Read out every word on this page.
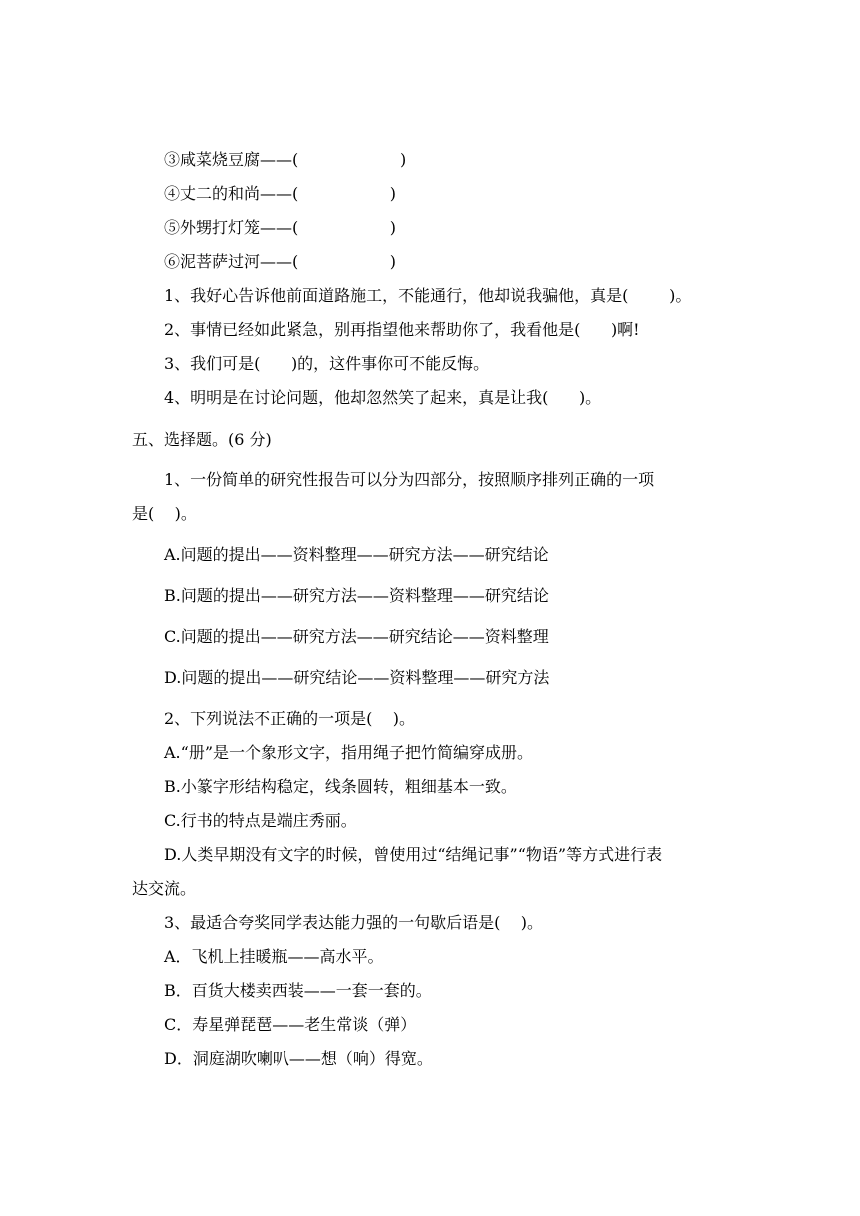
③咸菜烧豆腐——(                    )
④丈二的和尚——(                  )
⑤外甥打灯笼——(                  )
⑥泥菩萨过河——(                  )
1、我好心告诉他前面道路施工，不能通行，他却说我骗他，真是(        )。
2、事情已经如此紧急，别再指望他来帮助你了，我看他是(      )啊!
3、我们可是(      )的，这件事你可不能反悔。
4、明明是在讨论问题，他却忽然笑了起来，真是让我(      )。
五、选择题。(6 分)
1、一份简单的研究性报告可以分为四部分，按照顺序排列正确的一项
是(    )。
A.问题的提出——资料整理——研究方法——研究结论
B.问题的提出——研究方法——资料整理——研究结论
C.问题的提出——研究方法——研究结论——资料整理
D.问题的提出——研究结论——资料整理——研究方法
2、下列说法不正确的一项是(    )。
A.“册”是一个象形文字，指用绳子把竹简编穿成册。
B.小篆字形结构稳定，线条圆转，粗细基本一致。
C.行书的特点是端庄秀丽。
D.人类早期没有文字的时候，曾使用过“结绳记事”“物语”等方式进行表
达交流。
3、最适合夸奖同学表达能力强的一句歇后语是(    )。
A．飞机上挂暖瓶——高水平。
B．百货大楼卖西装——一套一套的。
C．寿星弹琵琶——老生常谈（弹）
D．洞庭湖吹喇叭——想（响）得宽。
